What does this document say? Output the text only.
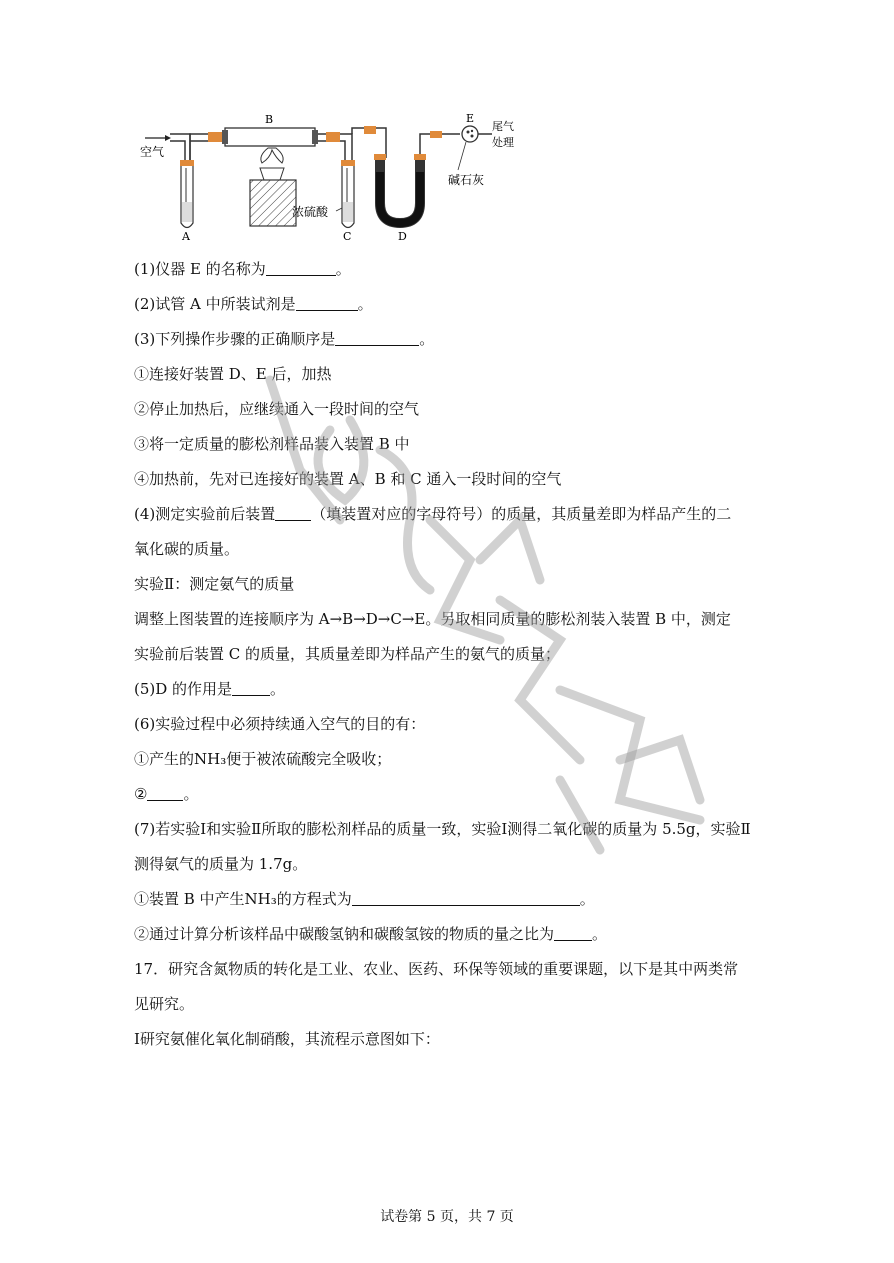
空气
A
B
浓硫酸
C	D
E
尾气
处理
碱石灰
(1)仪器 E 的名称为	。
(2)试管 A 中所装试剂是	。
(3)下列操作步骤的正确顺序是	。
①连接好装置 D、E 后，加热
②停止加热后，应继续通入一段时间的空气
③将一定质量的膨松剂样品装入装置 B 中
④加热前，先对已连接好的装置 A、B 和 C 通入一段时间的空气
(4)测定实验前后装置 （填装置对应的字母符号）的质量，其质量差即为样品产生的二
氧化碳的质量。
实验Ⅱ：测定氨气的质量
调整上图装置的连接顺序为 A→B→D→C→E。另取相同质量的膨松剂装入装置 B 中，测定
实验前后装置 C 的质量，其质量差即为样品产生的氨气的质量；
(5)D 的作用是	。
(6)实验过程中必须持续通入空气的目的有：
①产生的NH₃便于被浓硫酸完全吸收；
② 。
(7)若实验Ⅰ和实验Ⅱ所取的膨松剂样品的质量一致，实验Ⅰ测得二氧化碳的质量为 5.5g，实验Ⅱ
测得氨气的质量为 1.7g。
①装置 B 中产生NH₃的方程式为	。
②通过计算分析该样品中碳酸氢钠和碳酸氢铵的物质的量之比为	。
17．研究含氮物质的转化是工业、农业、医药、环保等领域的重要课题，以下是其中两类常
见研究。
Ⅰ研究氨催化氧化制硝酸，其流程示意图如下：
试卷第 5 页，共 7 页
